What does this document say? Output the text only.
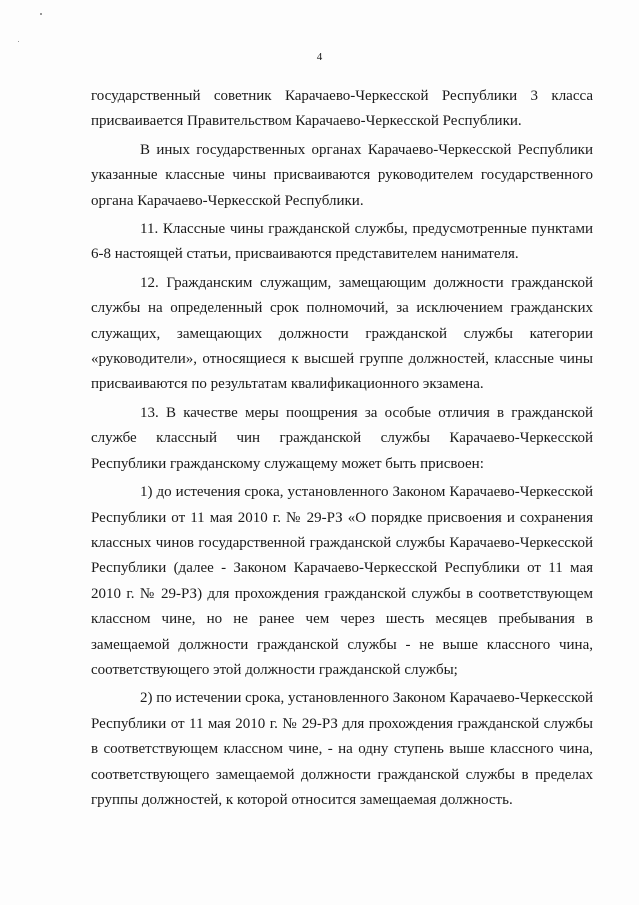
4

государственный советник Карачаево-Черкесской Республики 3 класса присваивается Правительством Карачаево-Черкесской Республики.

В иных государственных органах Карачаево-Черкесской Республики указанные классные чины присваиваются руководителем государственного органа Карачаево-Черкесской Республики.

11. Классные чины гражданской службы, предусмотренные пунктами 6-8 настоящей статьи, присваиваются представителем нанимателя.

12. Гражданским служащим, замещающим должности гражданской службы на определенный срок полномочий, за исключением гражданских служащих, замещающих должности гражданской службы категории «руководители», относящиеся к высшей группе должностей, классные чины присваиваются по результатам квалификационного экзамена.

13. В качестве меры поощрения за особые отличия в гражданской службе классный чин гражданской службы Карачаево-Черкесской Республики гражданскому служащему может быть присвоен:

1) до истечения срока, установленного Законом Карачаево-Черкесской Республики от 11 мая 2010 г. № 29-РЗ «О порядке присвоения и сохранения классных чинов государственной гражданской службы Карачаево-Черкесской Республики (далее - Законом Карачаево-Черкесской Республики от 11 мая 2010 г. № 29-РЗ) для прохождения гражданской службы в соответствующем классном чине, но не ранее чем через шесть месяцев пребывания в замещаемой должности гражданской службы - не выше классного чина, соответствующего этой должности гражданской службы;

2) по истечении срока, установленного Законом Карачаево-Черкесской Республики от 11 мая 2010 г. № 29-РЗ для прохождения гражданской службы в соответствующем классном чине, - на одну ступень выше классного чина, соответствующего замещаемой должности гражданской службы в пределах группы должностей, к которой относится замещаемая должность.
